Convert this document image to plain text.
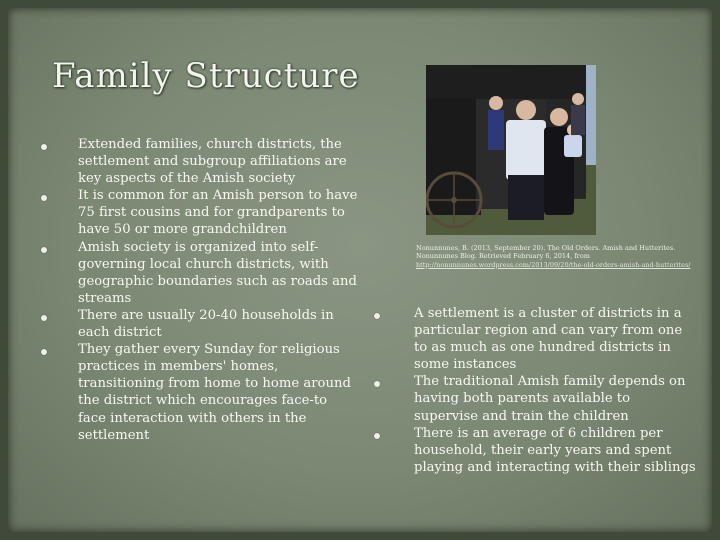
Family Structure
Extended families, church districts, the settlement and subgroup affiliations are key aspects of the Amish society
It is common for an Amish person to have 75 first cousins and for grandparents to have 50 or more grandchildren
Amish society is organized into self-governing local church districts, with geographic boundaries such as roads and streams
There are usually 20-40 households in each district
They gather every Sunday for religious practices in members' homes, transitioning from home to home around the district which encourages face-to face interaction with others in the settlement
Nonunnunes, B. (2013, September 20). The Old Orders. Amish and Hutterites. Nonunnunes Blog. Retrieved February 6, 2014, from http://nonunnunes.wordpress.com/2013/09/20/the-old-orders-amish-and-hutterites/
A settlement is a cluster of districts in a particular region and can vary from one to as much as one hundred districts in some instances
The traditional Amish family depends on having both parents available to supervise and train the children
There is an average of 6 children per household, their early years and spent playing and interacting with their siblings
